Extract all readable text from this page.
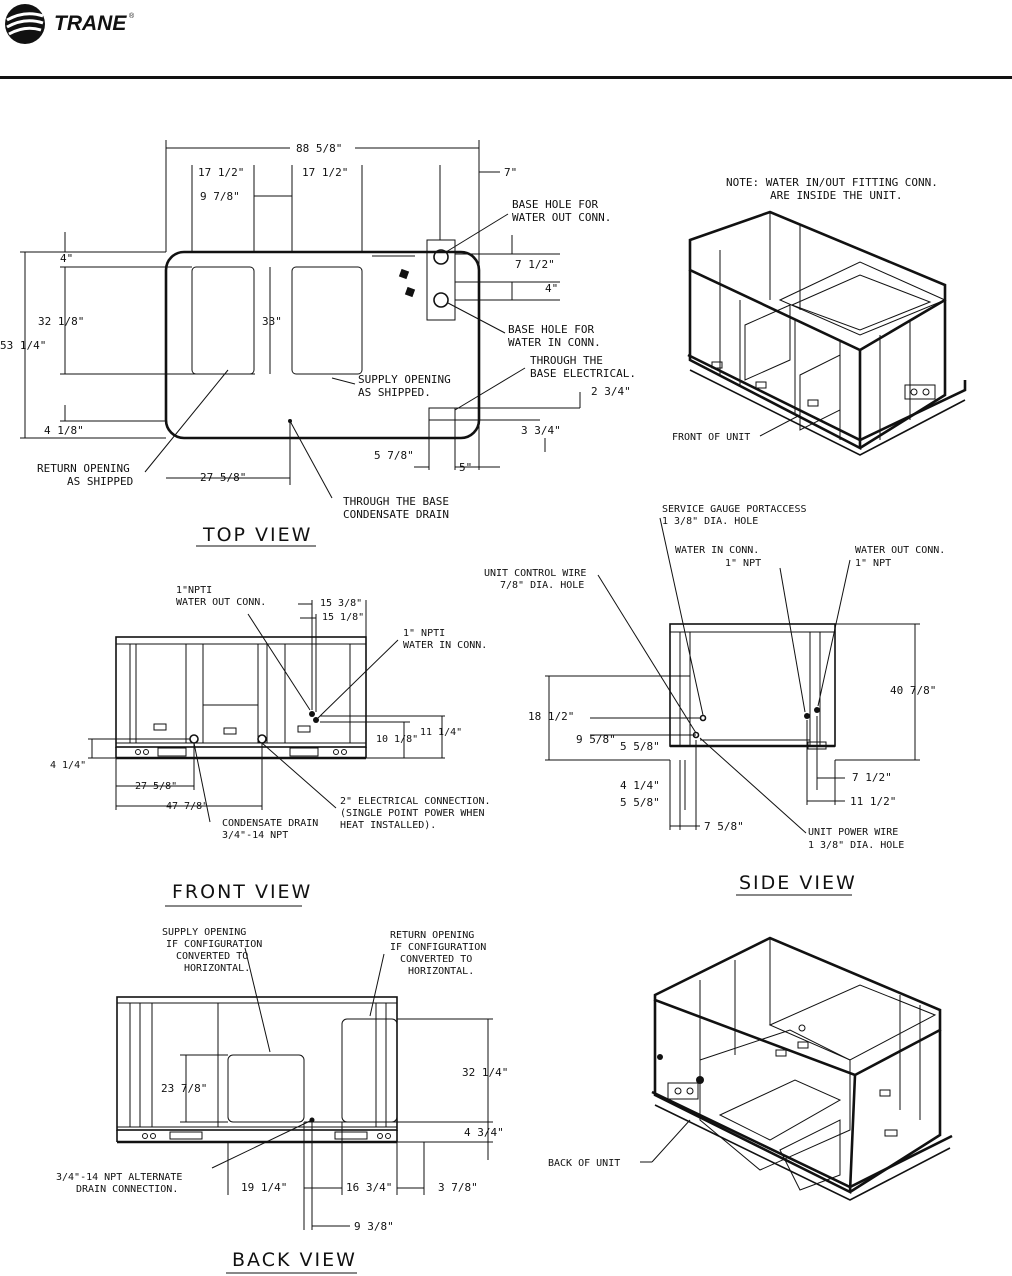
TRANE ®
88 5/8"
17 1/2"	17 1/2"	7"
9 7/8"
4"
32 1/8"
53 1/4"
33"
4 1/8"
7 1/2"
4"
2 3/4"
3 3/4"
27 5/8"
5 7/8"
5"
BASE HOLE FOR WATER OUT CONN.
BASE HOLE FOR WATER IN CONN.
THROUGH THE BASE ELECTRICAL.
SUPPLY OPENING AS SHIPPED.
RETURN OPENING AS SHIPPED
THROUGH THE BASE CONDENSATE DRAIN
TOP VIEW
NOTE: WATER IN/OUT FITTING CONN. ARE INSIDE THE UNIT.
FRONT OF UNIT
15 3/8"
15 1/8"
11 1/4"
10 1/8"
4 1/4"
27 5/8"
47 7/8"
1"NPTI WATER OUT CONN.
1" NPTI WATER IN CONN.
2" ELECTRICAL CONNECTION. (SINGLE POINT POWER WHEN HEAT INSTALLED).
CONDENSATE DRAIN 3/4"-14 NPT
FRONT VIEW
40 7/8"
18 1/2"
9 5/8"
5 5/8"
4 1/4"
5 5/8"
7 5/8"
7 1/2"
11 1/2"
SERVICE GAUGE PORTACCESS 1 3/8" DIA. HOLE
UNIT CONTROL WIRE 7/8" DIA. HOLE
WATER IN CONN. 1" NPT
WATER OUT CONN. 1" NPT
UNIT POWER WIRE 1 3/8" DIA. HOLE
SIDE VIEW
32 1/4"
4 3/4"
23 7/8"
19 1/4"	16 3/4"	3 7/8"
9 3/8"
SUPPLY OPENING IF CONFIGURATION CONVERTED TO HORIZONTAL.
RETURN OPENING IF CONFIGURATION CONVERTED TO HORIZONTAL.
3/4"-14 NPT ALTERNATE DRAIN CONNECTION.
BACK VIEW
BACK OF UNIT
